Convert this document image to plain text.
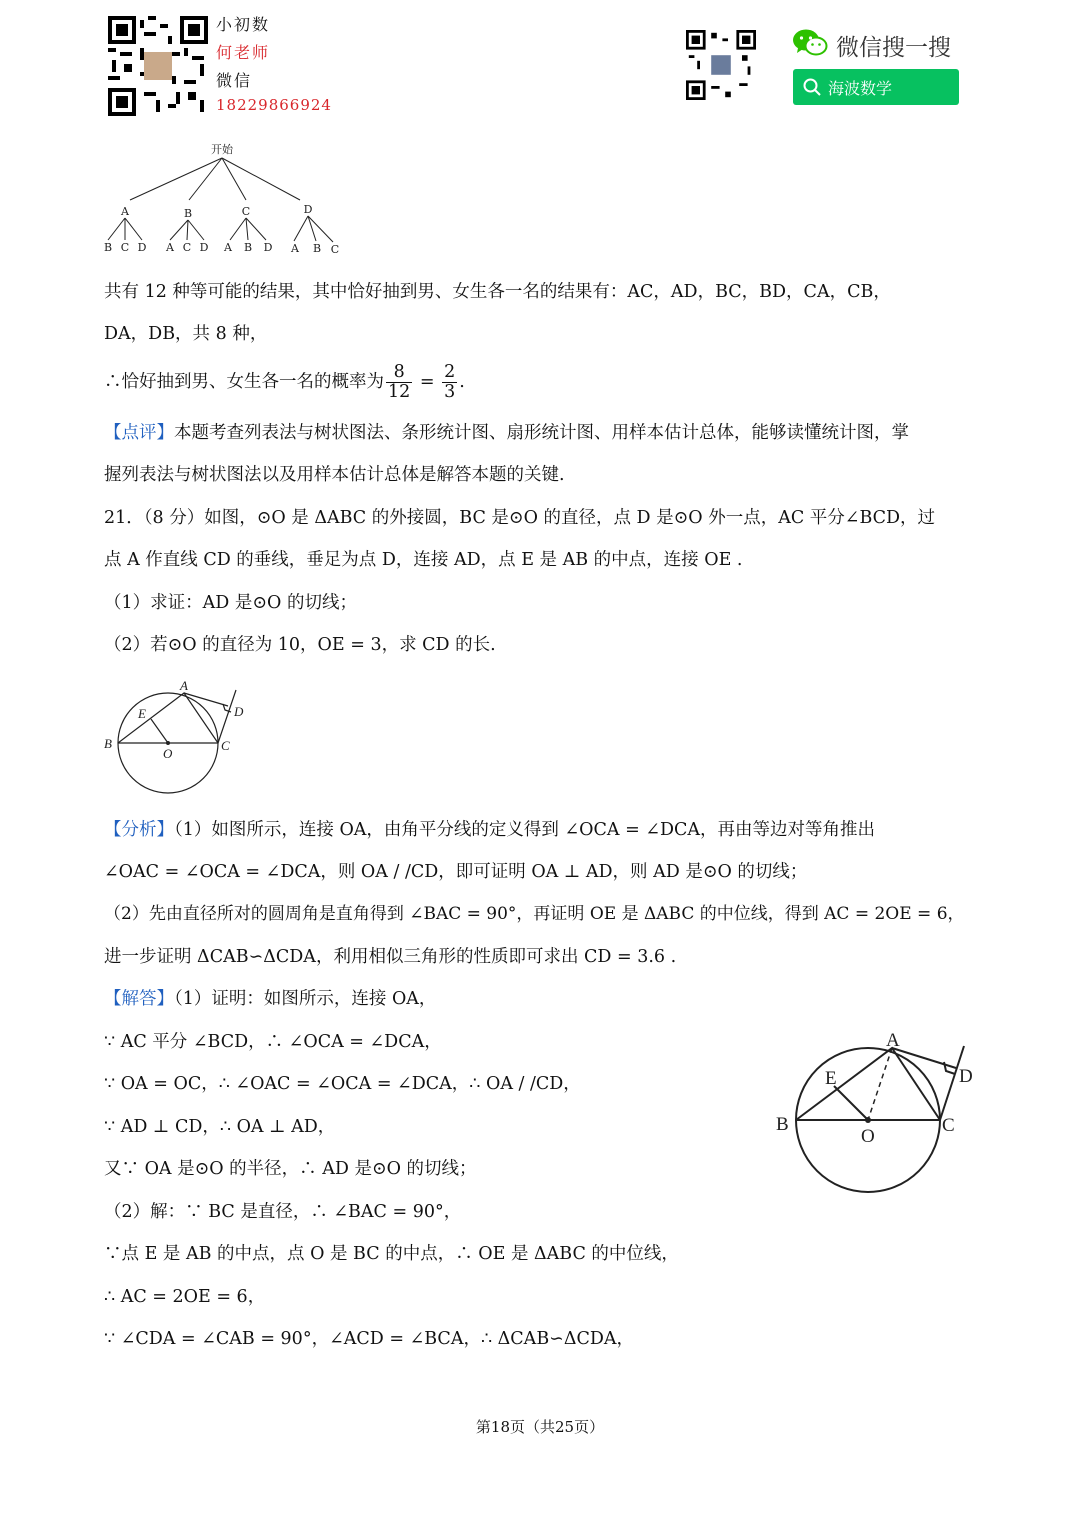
小初数
何老师
微信
18229866924
微信搜一搜
海波数学
开始
A	B	C	D
B C D A C D A B D A B C
共有 12 种等可能的结果，其中恰好抽到男、女生各一名的结果有：AC，AD，BC，BD，CA，CB，
DA，DB，共 8 种，
∴恰好抽到男、女生各一名的概率为 $\frac{8}{12} = \frac{2}{3}$ .
【点评】本题考查列表法与树状图法、条形统计图、扇形统计图、用样本估计总体，能够读懂统计图，掌
握列表法与树状图法以及用样本估计总体是解答本题的关键.
21．（8 分）如图，⊙O 是 ΔABC 的外接圆，BC 是⊙O 的直径，点 D 是⊙O 外一点，AC 平分∠BCD，过
点 A 作直线 CD 的垂线，垂足为点 D，连接 AD，点 E 是 AB 的中点，连接 OE .
（1）求证：AD 是⊙O 的切线；
（2）若⊙O 的直径为 10，OE = 3，求 CD 的长.
A
E	D
B
O
C
【分析】（1）如图所示，连接 OA，由角平分线的定义得到 ∠OCA = ∠DCA，再由等边对等角推出
∠OAC = ∠OCA = ∠DCA，则 OA / /CD，即可证明 OA ⊥ AD，则 AD 是⊙O 的切线；
（2）先由直径所对的圆周角是直角得到 ∠BAC = 90°，再证明 OE 是 ΔABC 的中位线，得到 AC = 2OE = 6，
进一步证明 ΔCAB∽ΔCDA，利用相似三角形的性质即可求出 CD = 3.6 .
【解答】（1）证明：如图所示，连接 OA，
∵ AC 平分 ∠BCD，∴ ∠OCA = ∠DCA，
∵ OA = OC，∴ ∠OAC = ∠OCA = ∠DCA，∴ OA / /CD，
∵ AD ⊥ CD，∴ OA ⊥ AD，
又∵ OA 是⊙O 的半径，∴ AD 是⊙O 的切线；
（2）解：∵ BC 是直径，∴ ∠BAC = 90°，
∵点 E 是 AB 的中点，点 O 是 BC 的中点，∴ OE 是 ΔABC 的中位线，
∴ AC = 2OE = 6，
∵ ∠CDA = ∠CAB = 90°，∠ACD = ∠BCA，∴ ΔCAB∽ΔCDA，
A
E	D
B
O
C
第18页（共25页）
